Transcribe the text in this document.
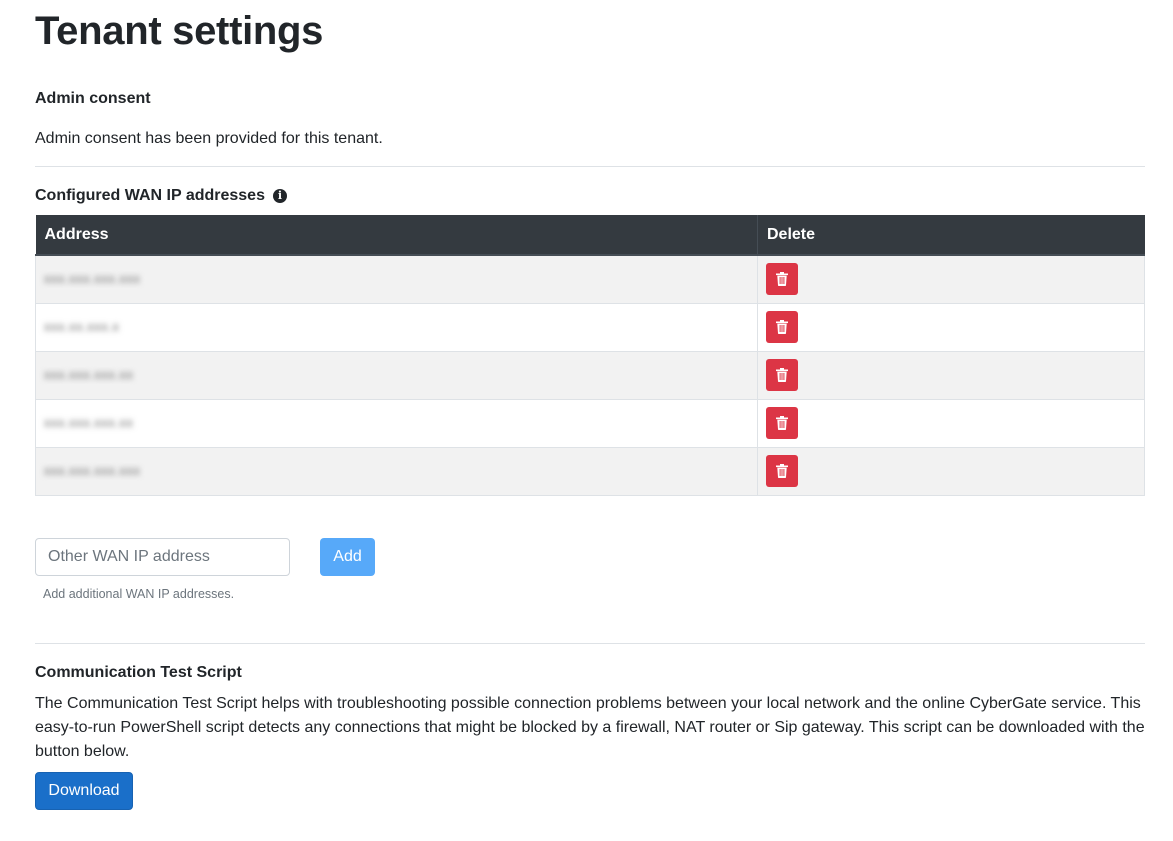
Tenant settings
Admin consent
Admin consent has been provided for this tenant.
Configured WAN IP addresses i
Address	Delete
xxx.xxx.xxx.xxx	

xxx.xx.xxx.x	

xxx.xxx.xxx.xx	

xxx.xxx.xxx.xx	

xxx.xxx.xxx.xxx	
Other WAN IP address
Add
Add additional WAN IP addresses.
Communication Test Script
The Communication Test Script helps with troubleshooting possible connection problems between your local network and the online CyberGate service. This easy-to-run PowerShell script detects any connections that might be blocked by a firewall, NAT router or Sip gateway. This script can be downloaded with the button below.
Download
